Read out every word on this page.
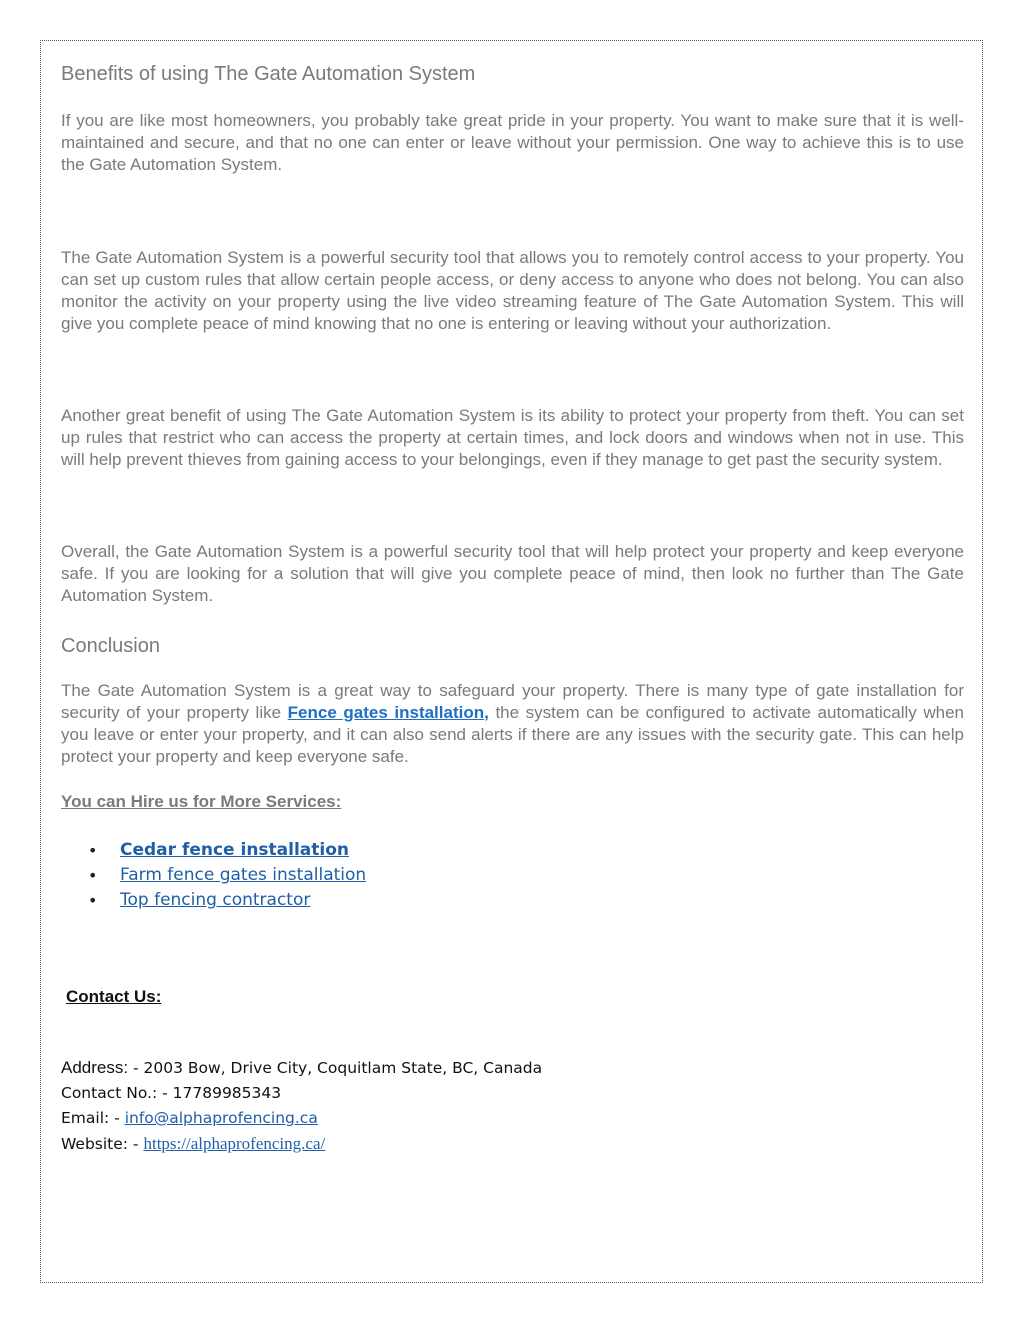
Benefits of using The Gate Automation System

If you are like most homeowners, you probably take great pride in your property. You want to make sure that it is well-maintained and secure, and that no one can enter or leave without your permission. One way to achieve this is to use the Gate Automation System.

The Gate Automation System is a powerful security tool that allows you to remotely control access to your property. You can set up custom rules that allow certain people access, or deny access to anyone who does not belong. You can also monitor the activity on your property using the live video streaming feature of The Gate Automation System. This will give you complete peace of mind knowing that no one is entering or leaving without your authorization.

Another great benefit of using The Gate Automation System is its ability to protect your property from theft. You can set up rules that restrict who can access the property at certain times, and lock doors and windows when not in use. This will help prevent thieves from gaining access to your belongings, even if they manage to get past the security system.

Overall, the Gate Automation System is a powerful security tool that will help protect your property and keep everyone safe. If you are looking for a solution that will give you complete peace of mind, then look no further than The Gate Automation System.

Conclusion

The Gate Automation System is a great way to safeguard your property. There is many type of gate installation for security of your property like Fence gates installation, the system can be configured to activate automatically when you leave or enter your property, and it can also send alerts if there are any issues with the security gate. This can help protect your property and keep everyone safe.

You can Hire us for More Services:

• Cedar fence installation
• Farm fence gates installation
• Top fencing contractor

Contact Us:

Address: - 2003 Bow, Drive City, Coquitlam State, BC, Canada

Contact No.: - 17789985343

Email: - info@alphaprofencing.ca

Website: - https://alphaprofencing.ca/
